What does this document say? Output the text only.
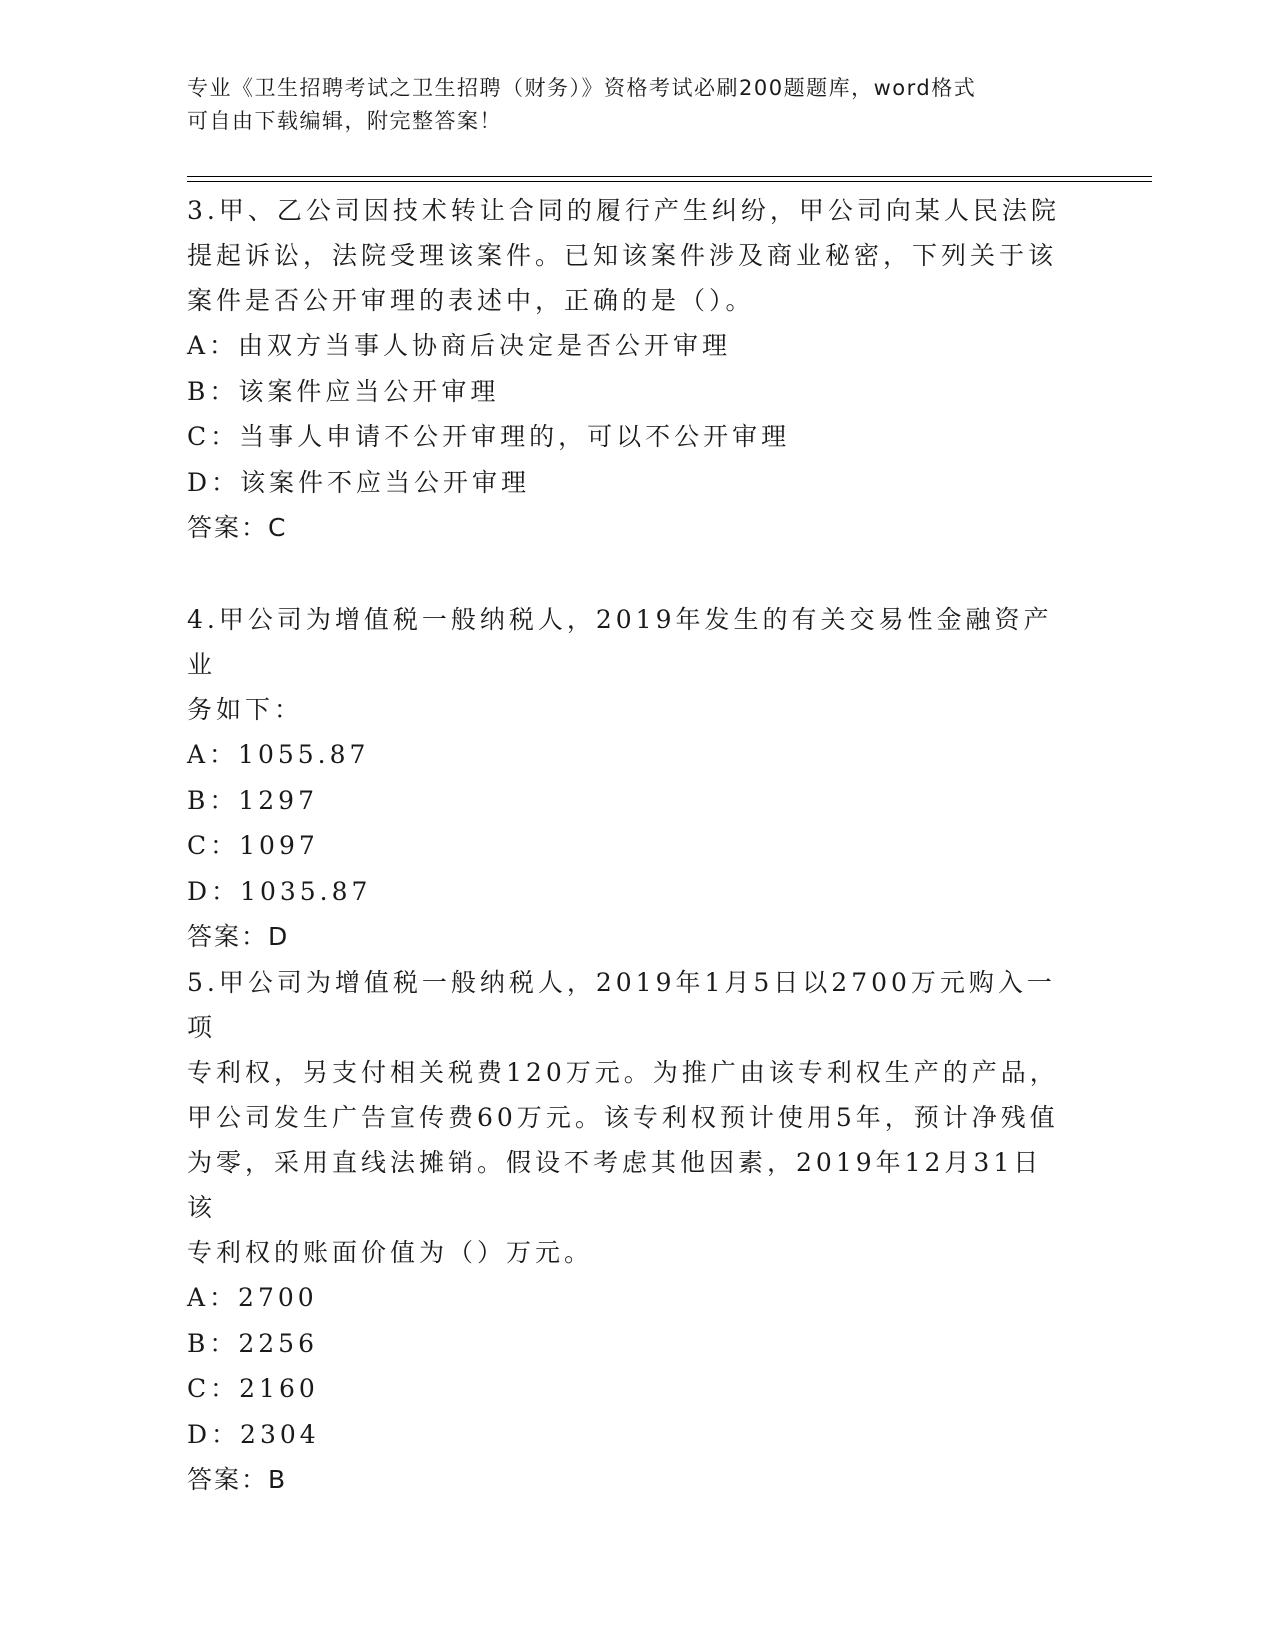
专业《卫生招聘考试之卫生招聘（财务）》资格考试必刷200题题库，word格式
可自由下载编辑，附完整答案！
3.甲、乙公司因技术转让合同的履行产生纠纷，甲公司向某人民法院
提起诉讼，法院受理该案件。已知该案件涉及商业秘密，下列关于该
案件是否公开审理的表述中，正确的是（）。
A：由双方当事人协商后决定是否公开审理
B：该案件应当公开审理
C：当事人申请不公开审理的，可以不公开审理
D：该案件不应当公开审理
答案：C
4.甲公司为增值税一般纳税人，2019年发生的有关交易性金融资产业
务如下：
A：1055.87
B：1297
C：1097
D：1035.87
答案：D
5.甲公司为增值税一般纳税人，2019年1月5日以2700万元购入一项
专利权，另支付相关税费120万元。为推广由该专利权生产的产品，
甲公司发生广告宣传费60万元。该专利权预计使用5年，预计净残值
为零，采用直线法摊销。假设不考虑其他因素，2019年12月31日该
专利权的账面价值为（）万元。
A：2700
B：2256
C：2160
D：2304
答案：B
